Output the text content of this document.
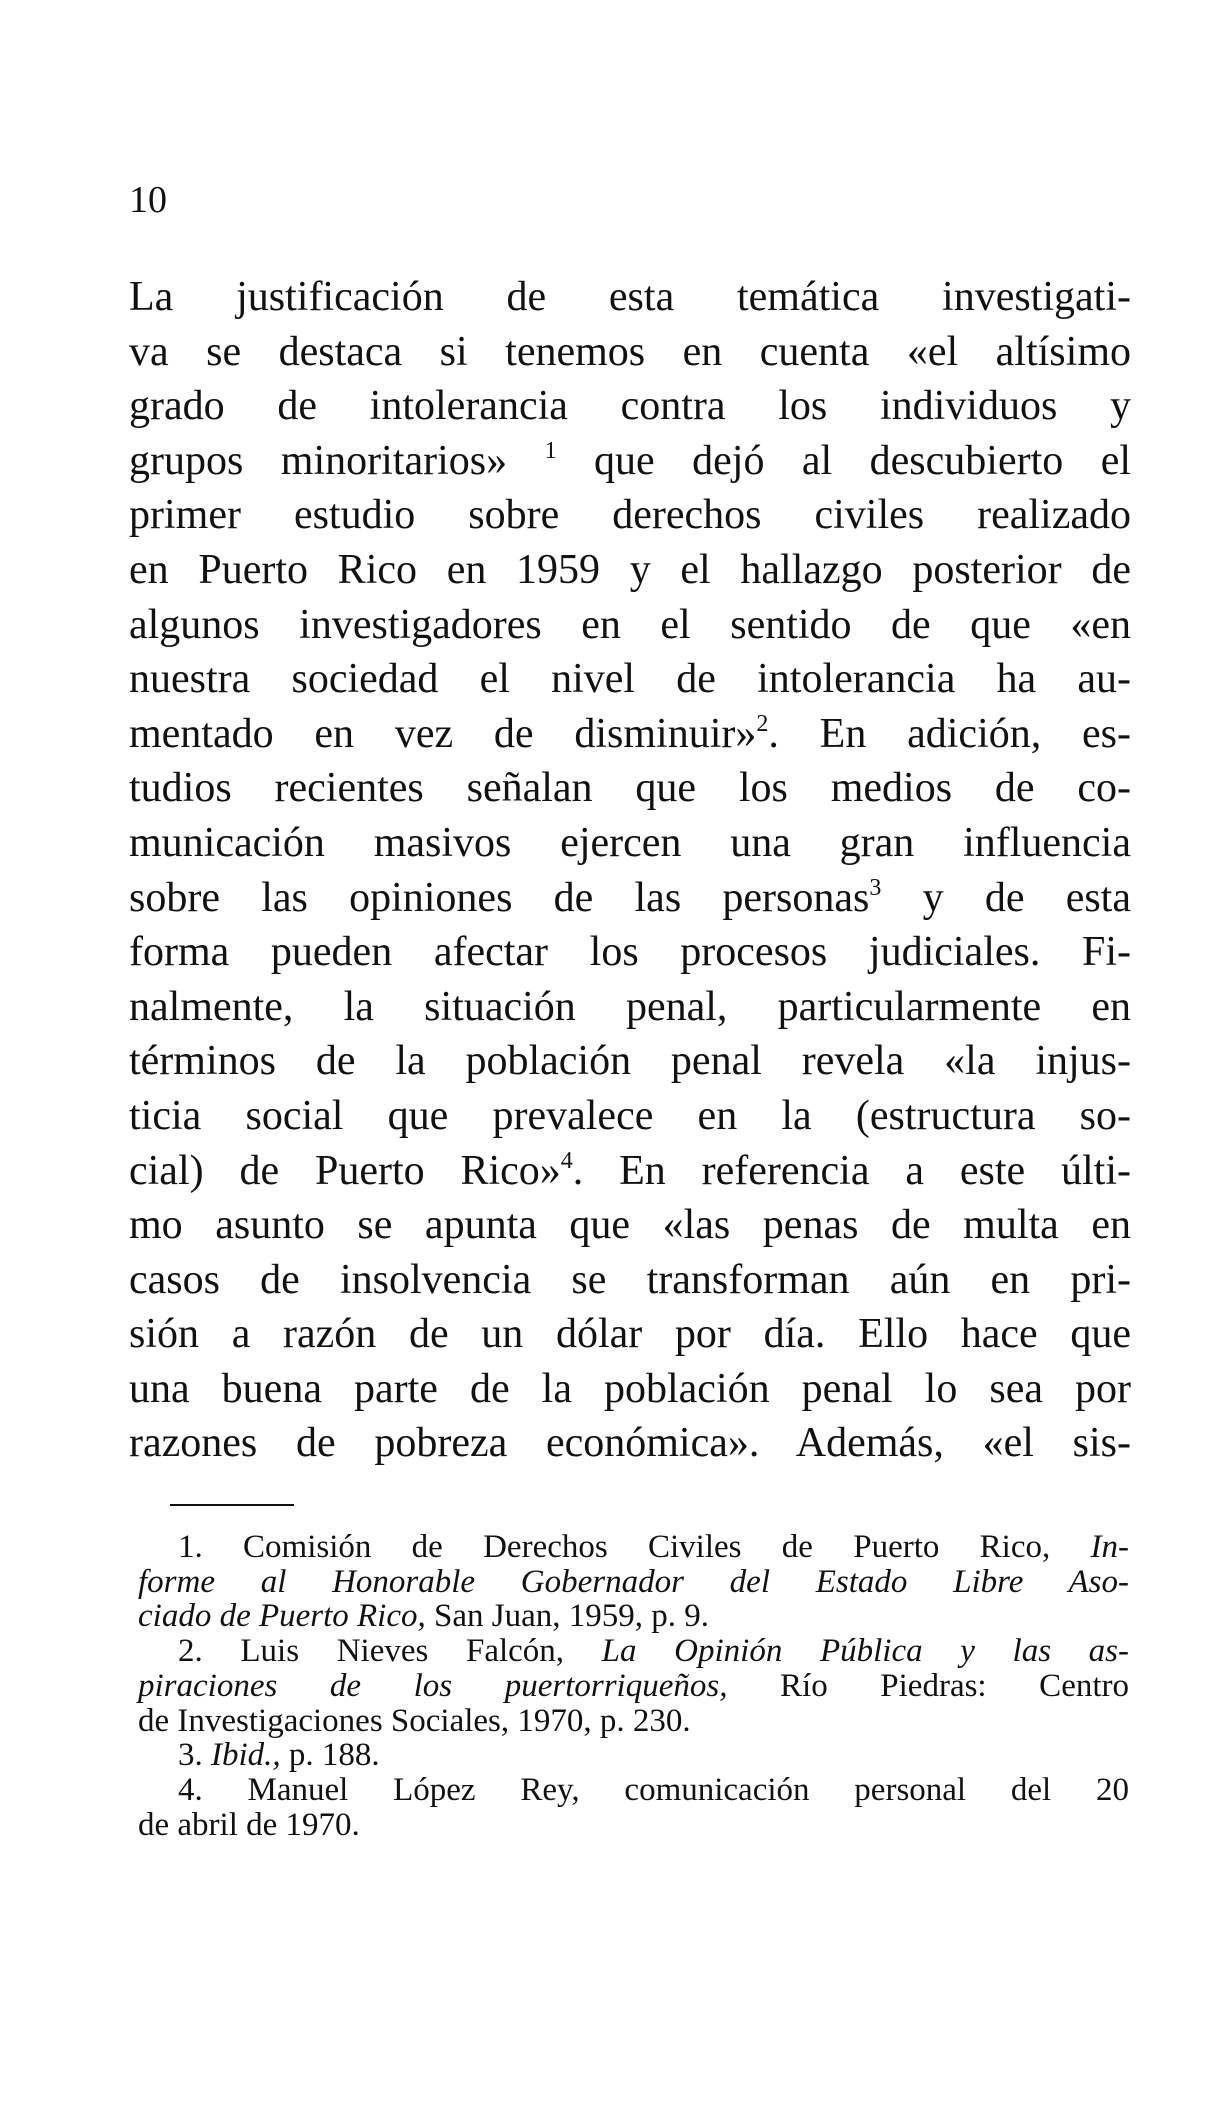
10
La justificación de esta temática investigati-
va se destaca si tenemos en cuenta «el altísimo
grado de intolerancia contra los individuos y
grupos minoritarios» $^1$ que dejó al descubierto el
primer estudio sobre derechos civiles realizado
en Puerto Rico en 1959 y el hallazgo posterior de
algunos investigadores en el sentido de que «en
nuestra sociedad el nivel de intolerancia ha au-
mentado en vez de disminuir»$^2$. En adición, es-
tudios recientes señalan que los medios de co-
municación masivos ejercen una gran influencia
sobre las opiniones de las personas$^3$ y de esta
forma pueden afectar los procesos judiciales. Fi-
nalmente, la situación penal, particularmente en
términos de la población penal revela «la injus-
ticia social que prevalece en la (estructura so-
cial) de Puerto Rico»$^4$. En referencia a este últi-
mo asunto se apunta que «las penas de multa en
casos de insolvencia se transforman aún en pri-
sión a razón de un dólar por día. Ello hace que
una buena parte de la población penal lo sea por
razones de pobreza económica». Además, «el sis-
1. Comisión de Derechos Civiles de Puerto Rico, In-
forme al Honorable Gobernador del Estado Libre Aso-
ciado de Puerto Rico, San Juan, 1959, p. 9.
2. Luis Nieves Falcón, La Opinión Pública y las as-
piraciones de los puertorriqueños, Río Piedras: Centro
de Investigaciones Sociales, 1970, p. 230.
3. Ibid., p. 188.
4. Manuel López Rey, comunicación personal del 20
de abril de 1970.
